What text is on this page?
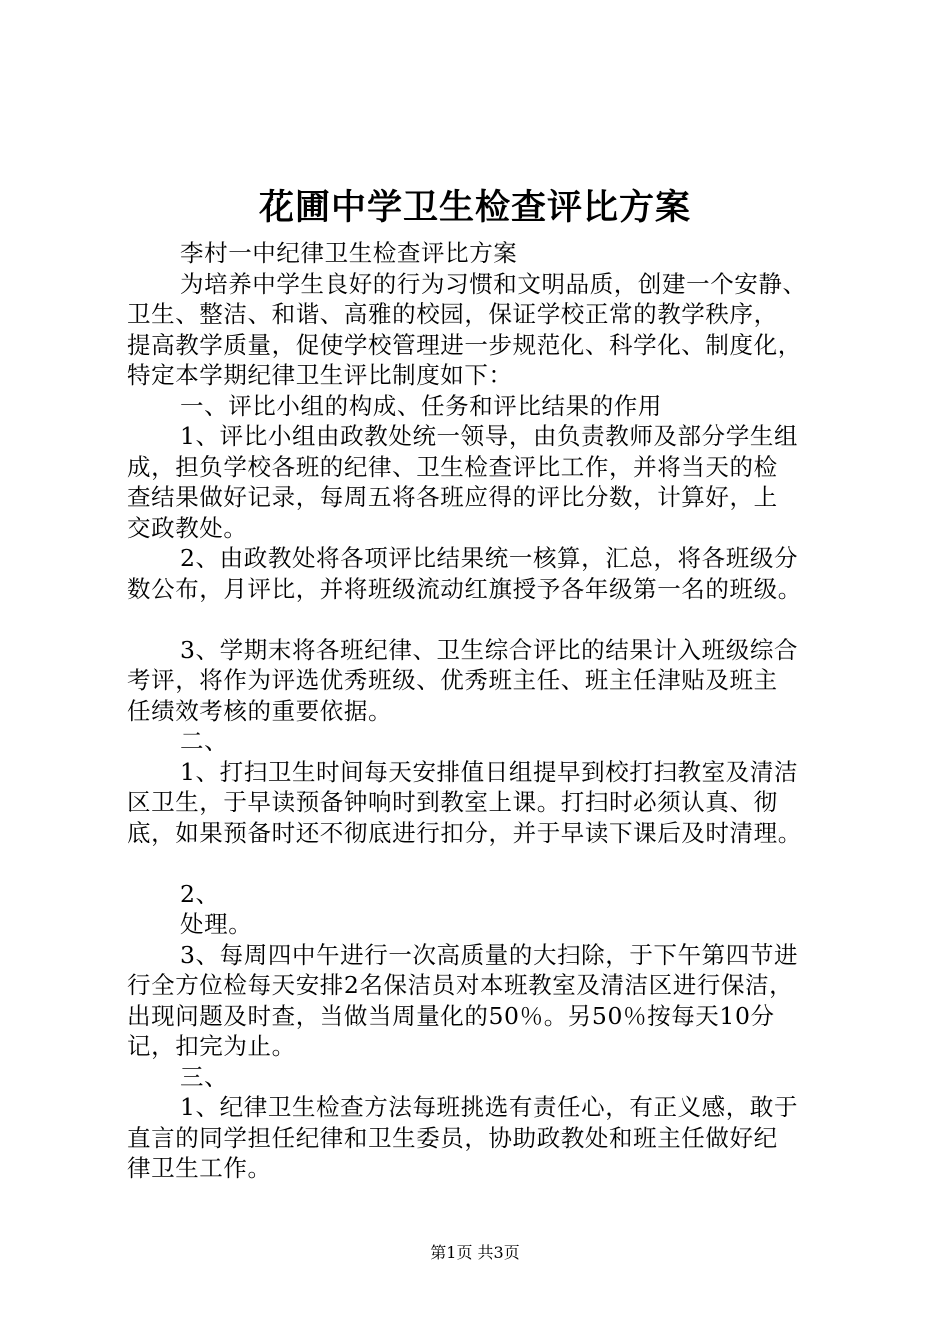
花圃中学卫生检查评比方案
李村一中纪律卫生检查评比方案
为培养中学生良好的行为习惯和文明品质，创建一个安静、
卫生、整洁、和谐、高雅的校园，保证学校正常的教学秩序，
提高教学质量，促使学校管理进一步规范化、科学化、制度化，
特定本学期纪律卫生评比制度如下：
一、评比小组的构成、任务和评比结果的作用
1、评比小组由政教处统一领导，由负责教师及部分学生组
成，担负学校各班的纪律、卫生检查评比工作，并将当天的检
查结果做好记录，每周五将各班应得的评比分数，计算好，上
交政教处。
2、由政教处将各项评比结果统一核算，汇总，将各班级分
数公布，月评比，并将班级流动红旗授予各年级第一名的班级。
3、学期末将各班纪律、卫生综合评比的结果计入班级综合
考评，将作为评选优秀班级、优秀班主任、班主任津贴及班主
任绩效考核的重要依据。
二、
1、打扫卫生时间每天安排值日组提早到校打扫教室及清洁
区卫生，于早读预备钟响时到教室上课。打扫时必须认真、彻
底，如果预备时还不彻底进行扣分，并于早读下课后及时清理。
2、
处理。
3、每周四中午进行一次高质量的大扫除，于下午第四节进
行全方位检每天安排2名保洁员对本班教室及清洁区进行保洁，
出现问题及时查，当做当周量化的50％。另50％按每天10分
记，扣完为止。
三、
1、纪律卫生检查方法每班挑选有责任心，有正义感，敢于
直言的同学担任纪律和卫生委员，协助政教处和班主任做好纪
律卫生工作。
第1页 共3页
